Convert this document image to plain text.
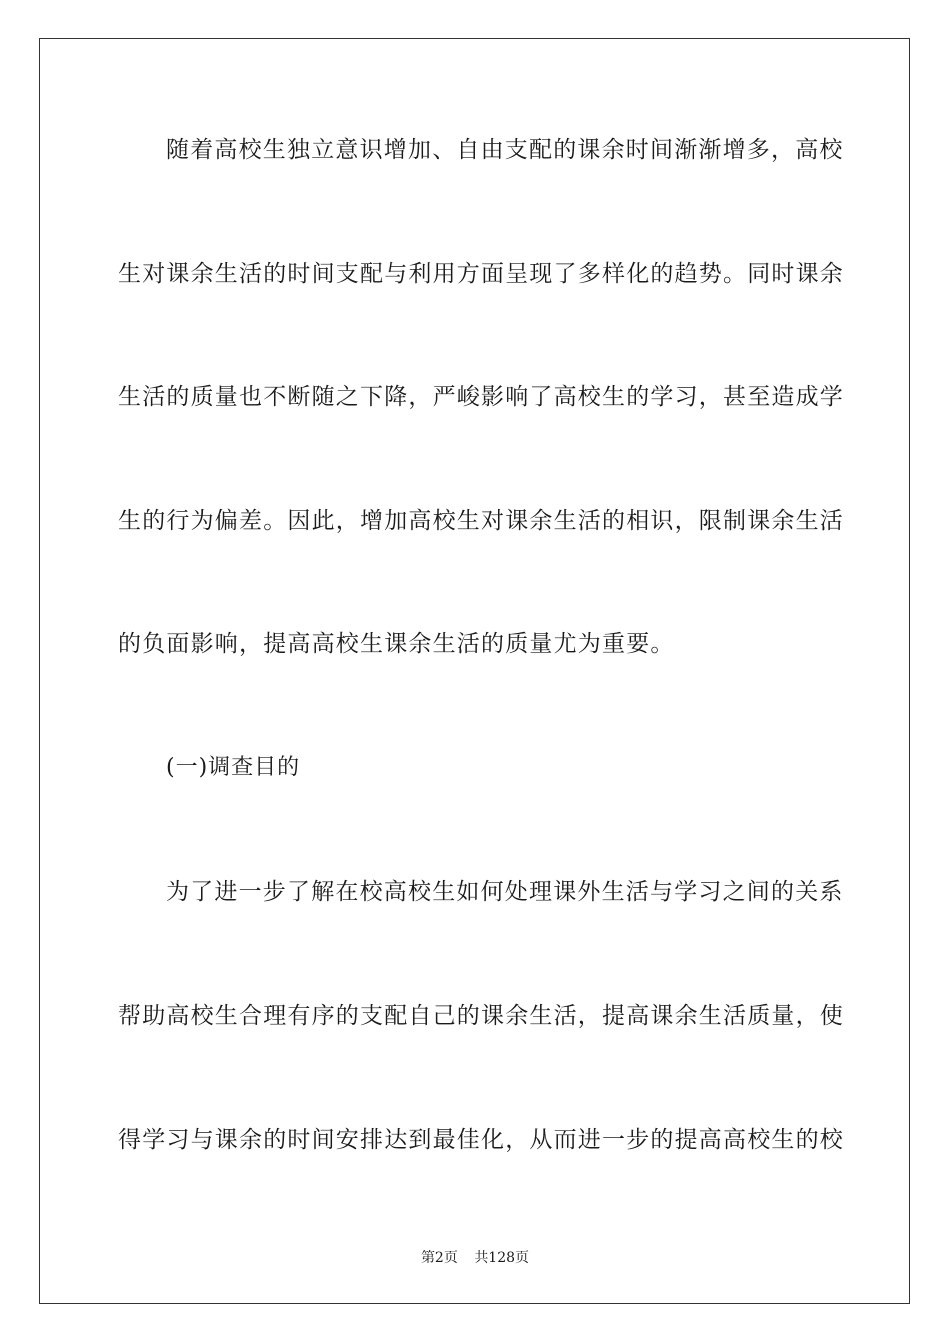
随着高校生独立意识增加、自由支配的课余时间渐渐增多，高校
生对课余生活的时间支配与利用方面呈现了多样化的趋势。同时课余
生活的质量也不断随之下降，严峻影响了高校生的学习，甚至造成学
生的行为偏差。因此，增加高校生对课余生活的相识，限制课余生活
的负面影响，提高高校生课余生活的质量尤为重要。
(一)调查目的
为了进一步了解在校高校生如何处理课外生活与学习之间的关系
帮助高校生合理有序的支配自己的课余生活，提高课余生活质量，使
得学习与课余的时间安排达到最佳化，从而进一步的提高高校生的校
第2页 共128页
